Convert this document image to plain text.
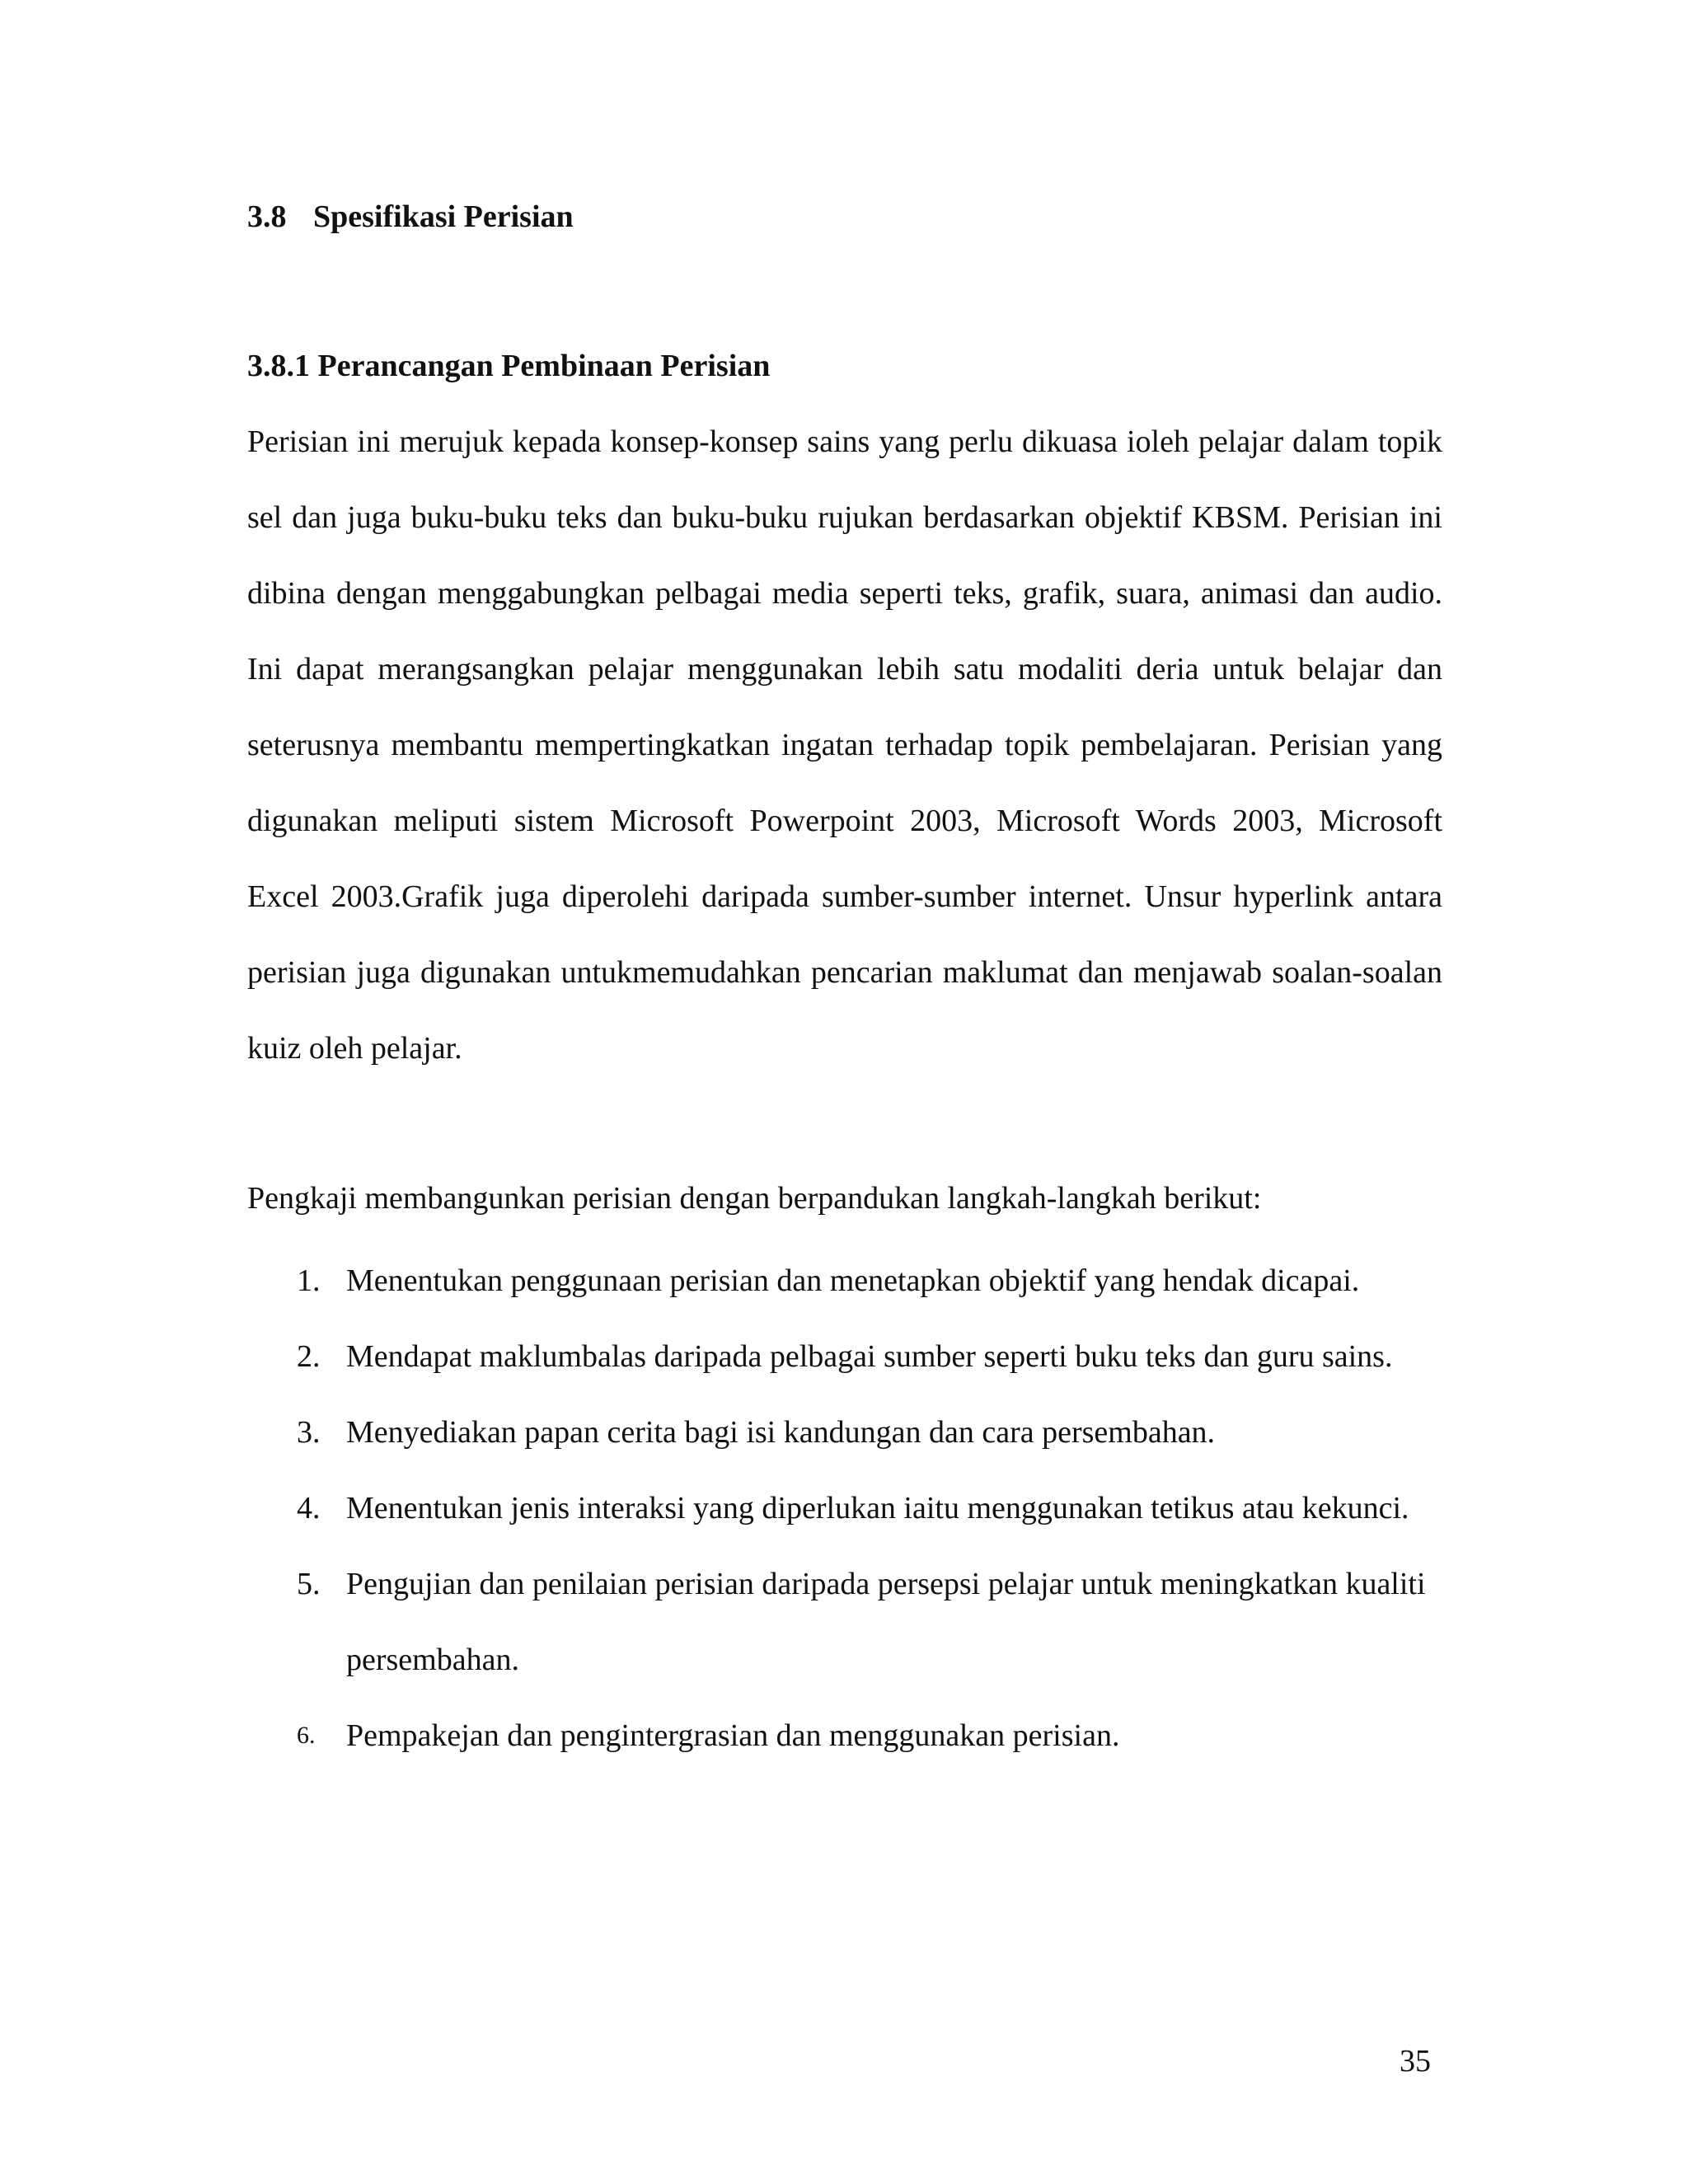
3.8 Spesifikasi Perisian
3.8.1 Perancangan Pembinaan Perisian
Perisian ini merujuk kepada konsep-konsep sains yang perlu dikuasa ioleh pelajar dalam topik sel dan juga buku-buku teks dan buku-buku rujukan berdasarkan objektif KBSM. Perisian ini dibina dengan menggabungkan pelbagai media seperti teks, grafik, suara, animasi dan audio. Ini dapat merangsangkan pelajar menggunakan lebih satu modaliti deria untuk belajar dan seterusnya membantu mempertingkatkan ingatan terhadap topik pembelajaran. Perisian yang digunakan meliputi sistem Microsoft Powerpoint 2003, Microsoft Words 2003, Microsoft Excel 2003.Grafik juga diperolehi daripada sumber-sumber internet. Unsur hyperlink antara perisian juga digunakan untukmemudahkan pencarian maklumat dan menjawab soalan-soalan kuiz oleh pelajar.
Pengkaji membangunkan perisian dengan berpandukan langkah-langkah berikut:
1. Menentukan penggunaan perisian dan menetapkan objektif yang hendak dicapai.
2. Mendapat maklumbalas daripada pelbagai sumber seperti buku teks dan guru sains.
3. Menyediakan papan cerita bagi isi kandungan dan cara persembahan.
4. Menentukan jenis interaksi yang diperlukan iaitu menggunakan tetikus atau kekunci.
5. Pengujian dan penilaian perisian daripada persepsi pelajar untuk meningkatkan kualiti persembahan.
6. Pempakejan dan pengintergrasian dan menggunakan perisian.
35
